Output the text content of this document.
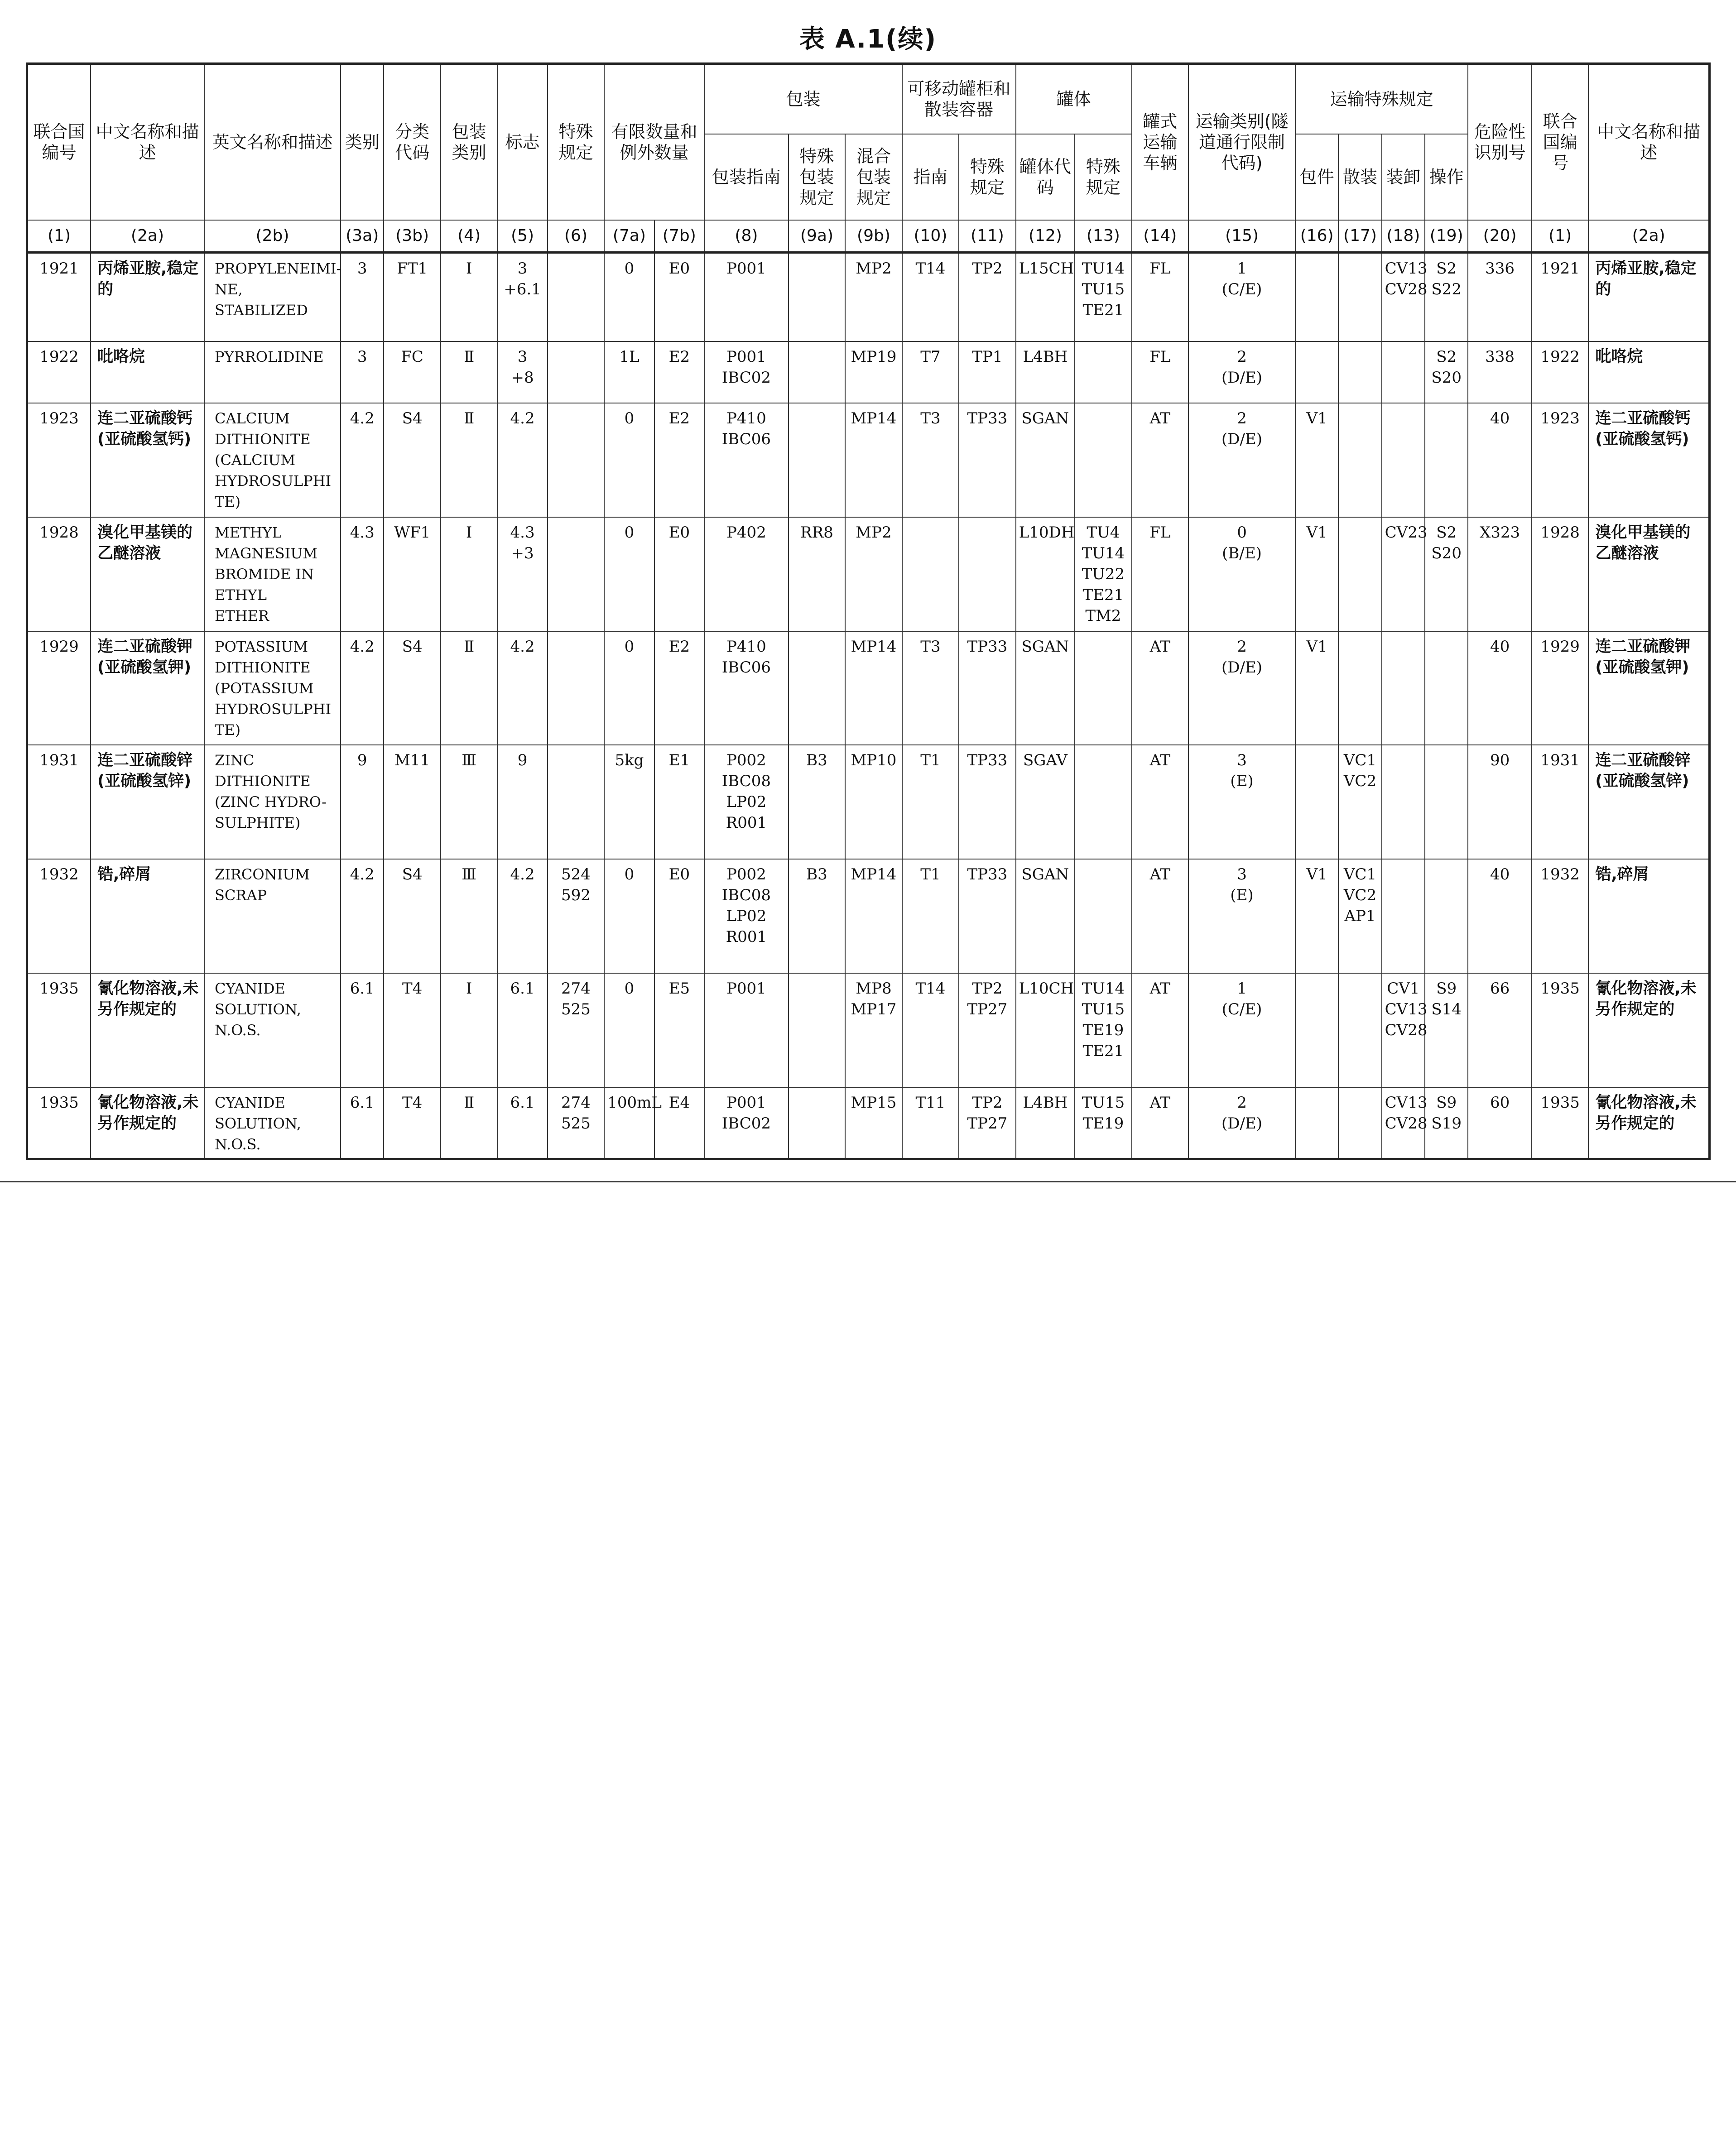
表 A.1(续)
联合国编号	中文名称和描述	英文名称和描述	类别	分类代码	包装类别	标志	特殊规定	有限数量和例外数量		包装			可移动罐柜和散装容器		罐体		罐式运输车辆	运输类别(隧道通行限制代码)	运输特殊规定				危险性识别号	联合国编号	中文名称和描述
										包装指南	特殊包装规定	混合包装规定	指南	特殊规定	罐体代码	特殊规定			包件	散装	装卸	操作			
(1)	(2a)	(2b)	(3a)	(3b)	(4)	(5)	(6)	(7a)	(7b)	(8)	(9a)	(9b)	(10)	(11)	(12)	(13)	(14)	(15)	(16)	(17)	(18)	(19)	(20)	(1)	(2a)
1921	丙烯亚胺,稳定的	PROPYLENEIMI-
NE,
STABILIZED	3	FT1	Ⅰ	3
+6.1		0	E0	P001		MP2	T14	TP2	L15CH	TU14
TU15
TE21	FL	1
(C/E)			CV13
CV28	S2
S22	336	1921	丙烯亚胺,稳定的
1922	吡咯烷	PYRROLIDINE	3	FC	Ⅱ	3
+8		1L	E2	P001
IBC02		MP19	T7	TP1	L4BH		FL	2
(D/E)				S2
S20	338	1922	吡咯烷
1923	连二亚硫酸钙(亚硫酸氢钙)	CALCIUM
DITHIONITE
(CALCIUM
HYDROSULPHI
TE)	4.2	S4	Ⅱ	4.2		0	E2	P410
IBC06		MP14	T3	TP33	SGAN		AT	2
(D/E)	V1				40	1923	连二亚硫酸钙(亚硫酸氢钙)
1928	溴化甲基镁的乙醚溶液	METHYL
MAGNESIUM
BROMIDE IN
ETHYL
ETHER	4.3	WF1	Ⅰ	4.3
+3		0	E0	P402	RR8	MP2			L10DH	TU4
TU14
TU22
TE21
TM2	FL	0
(B/E)	V1		CV23	S2
S20	X323	1928	溴化甲基镁的乙醚溶液
1929	连二亚硫酸钾(亚硫酸氢钾)	POTASSIUM
DITHIONITE
(POTASSIUM
HYDROSULPHI
TE)	4.2	S4	Ⅱ	4.2		0	E2	P410
IBC06		MP14	T3	TP33	SGAN		AT	2
(D/E)	V1				40	1929	连二亚硫酸钾(亚硫酸氢钾)
1931	连二亚硫酸锌(亚硫酸氢锌)	ZINC
DITHIONITE
(ZINC HYDRO-
SULPHITE)	9	M11	Ⅲ	9		5kg	E1	P002
IBC08
LP02
R001	B3	MP10	T1	TP33	SGAV		AT	3
(E)		VC1
VC2			90	1931	连二亚硫酸锌(亚硫酸氢锌)
1932	锆,碎屑	ZIRCONIUM
SCRAP	4.2	S4	Ⅲ	4.2	524
592	0	E0	P002
IBC08
LP02
R001	B3	MP14	T1	TP33	SGAN		AT	3
(E)	V1	VC1
VC2
AP1			40	1932	锆,碎屑
1935	氰化物溶液,未另作规定的	CYANIDE
SOLUTION,
N.O.S.	6.1	T4	Ⅰ	6.1	274
525	0	E5	P001		MP8
MP17	T14	TP2
TP27	L10CH	TU14
TU15
TE19
TE21	AT	1
(C/E)			CV1
CV13
CV28	S9
S14	66	1935	氰化物溶液,未另作规定的
1935	氰化物溶液,未另作规定的	CYANIDE
SOLUTION,
N.O.S.	6.1	T4	Ⅱ	6.1	274
525	100mL	E4	P001
IBC02		MP15	T11	TP2
TP27	L4BH	TU15
TE19	AT	2
(D/E)			CV13
CV28	S9
S19	60	1935	氰化物溶液,未另作规定的
